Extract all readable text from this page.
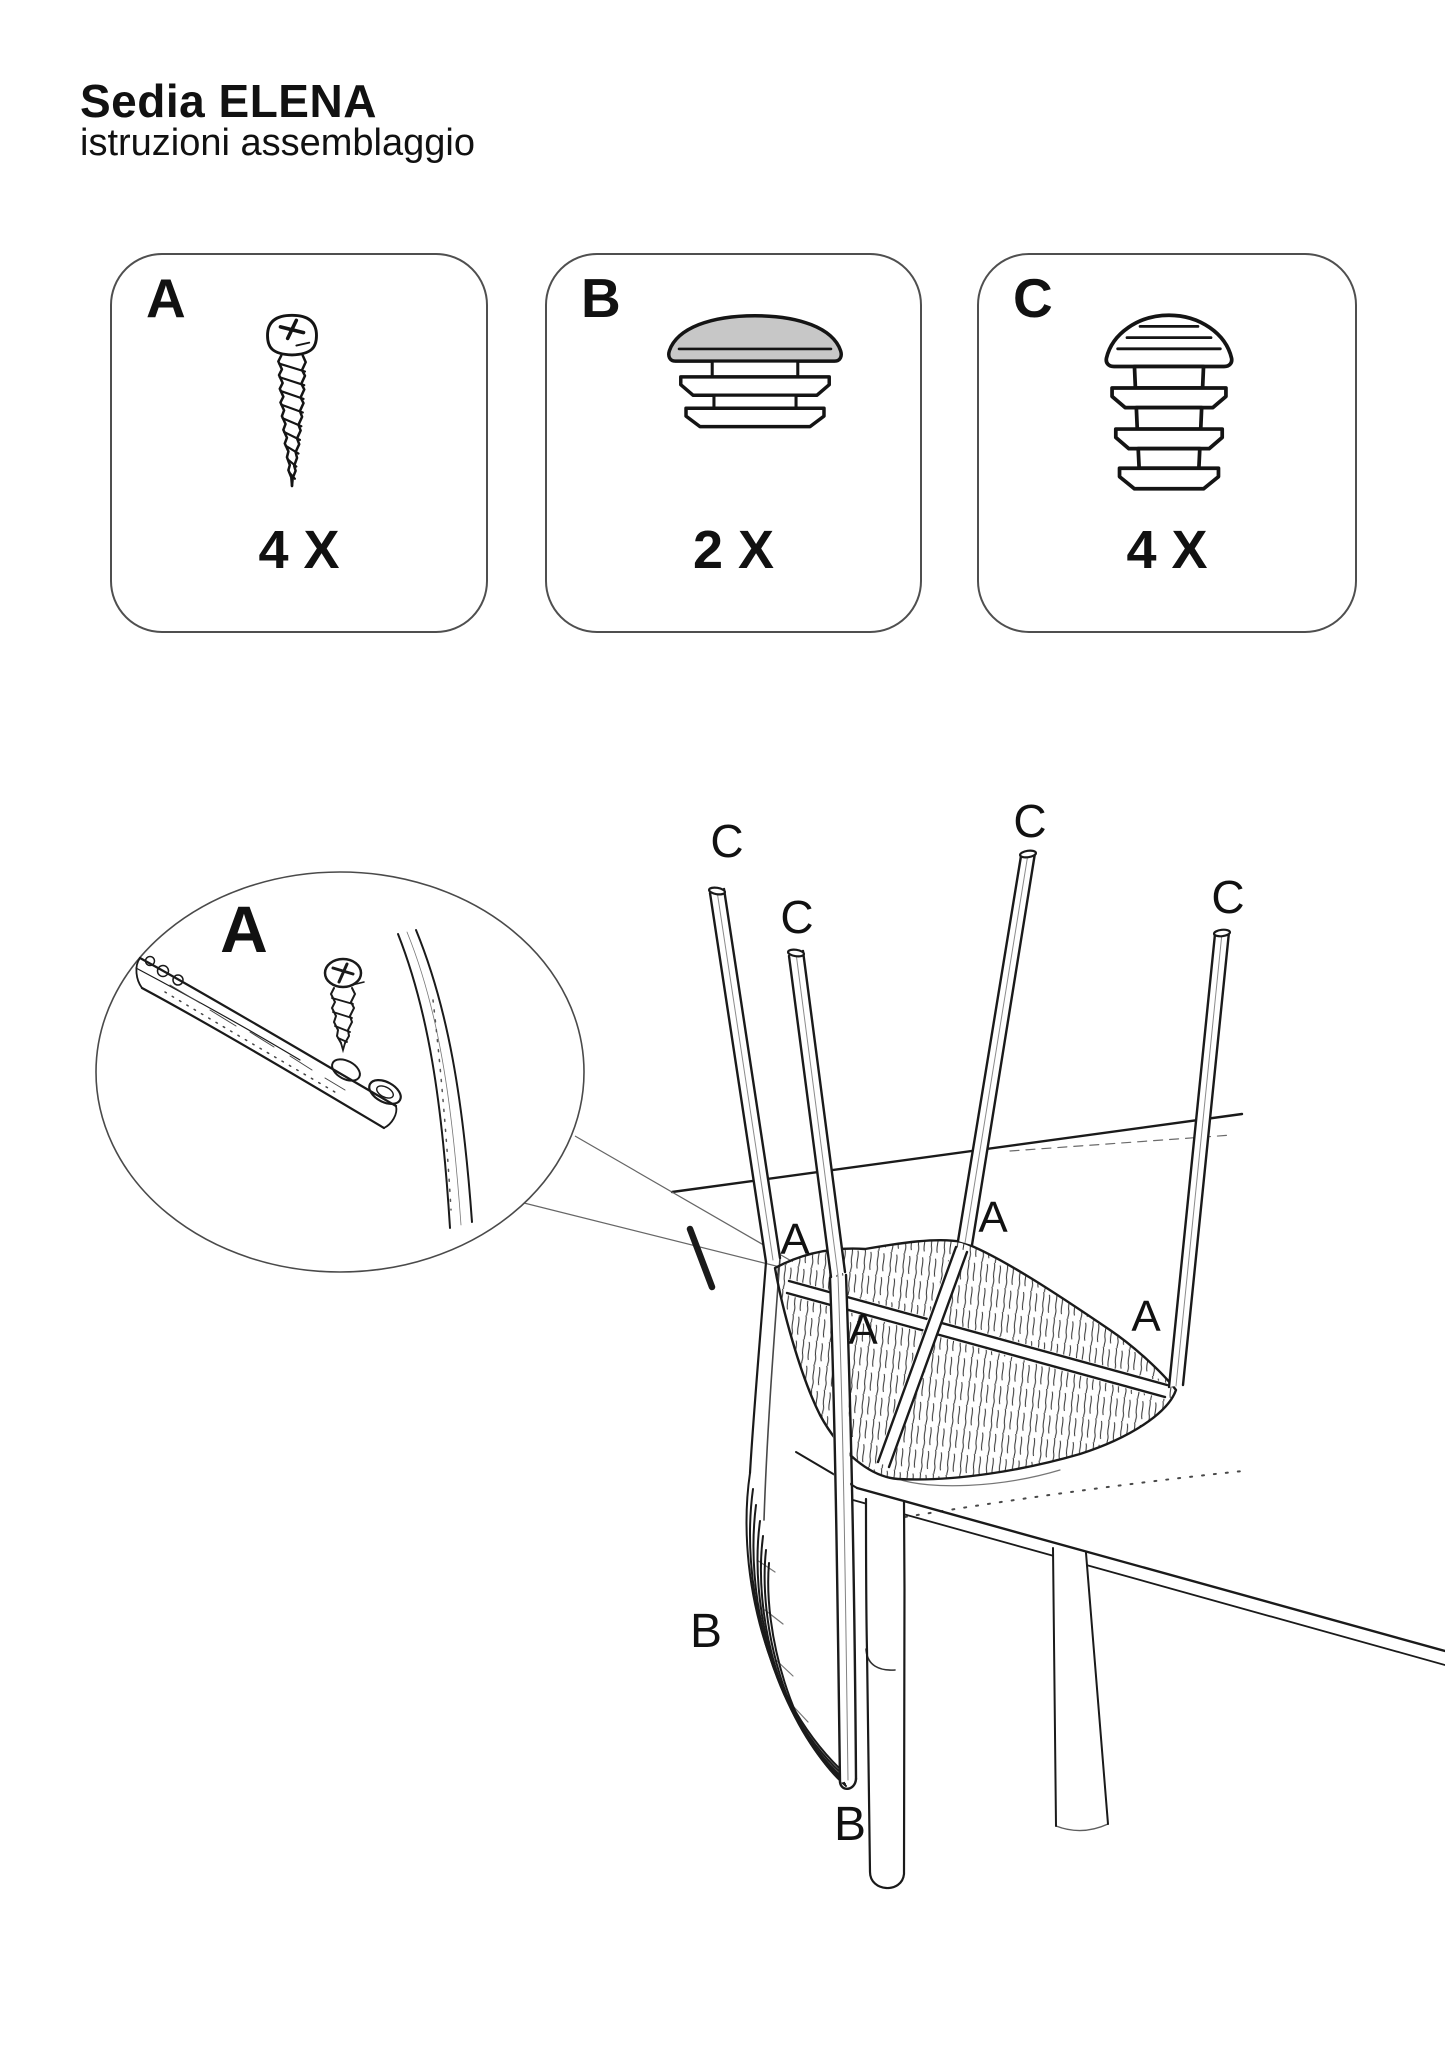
Sedia ELENA
istruzioni assemblaggio
A
4 X
B
2 X
C
4 X
A
C
C
C
C
A	A
A	A
B
B
